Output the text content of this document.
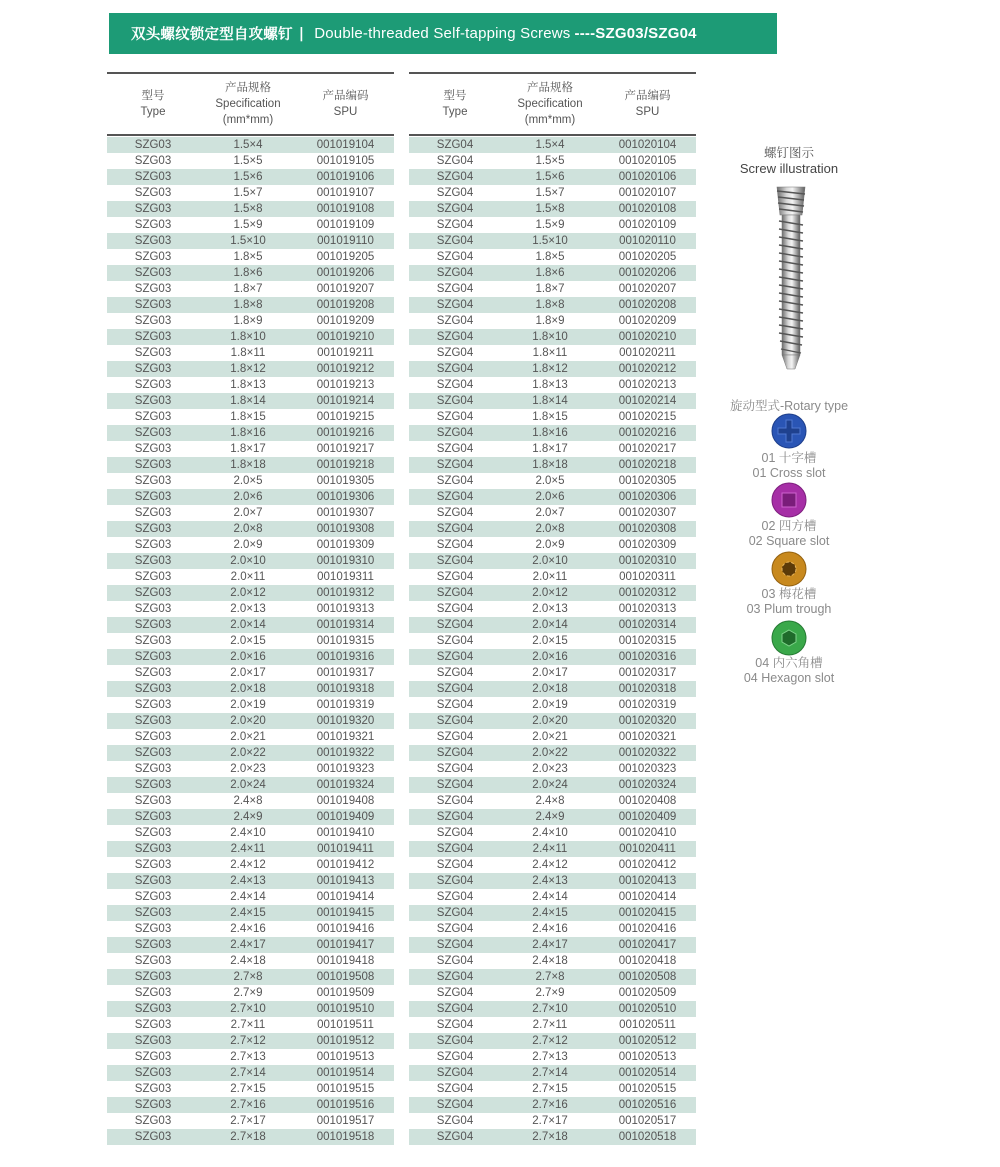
双头螺纹锁定型自攻螺钉 | Double-threaded Self-tapping Screws ----SZG03/SZG04
型号
Type
产品规格
Specification
(mm*mm)
产品编码
SPU
SZG03	1.5×4	001019104
SZG03	1.5×5	001019105
SZG03	1.5×6	001019106
SZG03	1.5×7	001019107
SZG03	1.5×8	001019108
SZG03	1.5×9	001019109
SZG03	1.5×10	001019110
SZG03	1.8×5	001019205
SZG03	1.8×6	001019206
SZG03	1.8×7	001019207
SZG03	1.8×8	001019208
SZG03	1.8×9	001019209
SZG03	1.8×10	001019210
SZG03	1.8×11	001019211
SZG03	1.8×12	001019212
SZG03	1.8×13	001019213
SZG03	1.8×14	001019214
SZG03	1.8×15	001019215
SZG03	1.8×16	001019216
SZG03	1.8×17	001019217
SZG03	1.8×18	001019218
SZG03	2.0×5	001019305
SZG03	2.0×6	001019306
SZG03	2.0×7	001019307
SZG03	2.0×8	001019308
SZG03	2.0×9	001019309
SZG03	2.0×10	001019310
SZG03	2.0×11	001019311
SZG03	2.0×12	001019312
SZG03	2.0×13	001019313
SZG03	2.0×14	001019314
SZG03	2.0×15	001019315
SZG03	2.0×16	001019316
SZG03	2.0×17	001019317
SZG03	2.0×18	001019318
SZG03	2.0×19	001019319
SZG03	2.0×20	001019320
SZG03	2.0×21	001019321
SZG03	2.0×22	001019322
SZG03	2.0×23	001019323
SZG03	2.0×24	001019324
SZG03	2.4×8	001019408
SZG03	2.4×9	001019409
SZG03	2.4×10	001019410
SZG03	2.4×11	001019411
SZG03	2.4×12	001019412
SZG03	2.4×13	001019413
SZG03	2.4×14	001019414
SZG03	2.4×15	001019415
SZG03	2.4×16	001019416
SZG03	2.4×17	001019417
SZG03	2.4×18	001019418
SZG03	2.7×8	001019508
SZG03	2.7×9	001019509
SZG03	2.7×10	001019510
SZG03	2.7×11	001019511
SZG03	2.7×12	001019512
SZG03	2.7×13	001019513
SZG03	2.7×14	001019514
SZG03	2.7×15	001019515
SZG03	2.7×16	001019516
SZG03	2.7×17	001019517
SZG03	2.7×18	001019518
型号
Type
产品规格
Specification
(mm*mm)
产品编码
SPU
SZG04	1.5×4	001020104
SZG04	1.5×5	001020105
SZG04	1.5×6	001020106
SZG04	1.5×7	001020107
SZG04	1.5×8	001020108
SZG04	1.5×9	001020109
SZG04	1.5×10	001020110
SZG04	1.8×5	001020205
SZG04	1.8×6	001020206
SZG04	1.8×7	001020207
SZG04	1.8×8	001020208
SZG04	1.8×9	001020209
SZG04	1.8×10	001020210
SZG04	1.8×11	001020211
SZG04	1.8×12	001020212
SZG04	1.8×13	001020213
SZG04	1.8×14	001020214
SZG04	1.8×15	001020215
SZG04	1.8×16	001020216
SZG04	1.8×17	001020217
SZG04	1.8×18	001020218
SZG04	2.0×5	001020305
SZG04	2.0×6	001020306
SZG04	2.0×7	001020307
SZG04	2.0×8	001020308
SZG04	2.0×9	001020309
SZG04	2.0×10	001020310
SZG04	2.0×11	001020311
SZG04	2.0×12	001020312
SZG04	2.0×13	001020313
SZG04	2.0×14	001020314
SZG04	2.0×15	001020315
SZG04	2.0×16	001020316
SZG04	2.0×17	001020317
SZG04	2.0×18	001020318
SZG04	2.0×19	001020319
SZG04	2.0×20	001020320
SZG04	2.0×21	001020321
SZG04	2.0×22	001020322
SZG04	2.0×23	001020323
SZG04	2.0×24	001020324
SZG04	2.4×8	001020408
SZG04	2.4×9	001020409
SZG04	2.4×10	001020410
SZG04	2.4×11	001020411
SZG04	2.4×12	001020412
SZG04	2.4×13	001020413
SZG04	2.4×14	001020414
SZG04	2.4×15	001020415
SZG04	2.4×16	001020416
SZG04	2.4×17	001020417
SZG04	2.4×18	001020418
SZG04	2.7×8	001020508
SZG04	2.7×9	001020509
SZG04	2.7×10	001020510
SZG04	2.7×11	001020511
SZG04	2.7×12	001020512
SZG04	2.7×13	001020513
SZG04	2.7×14	001020514
SZG04	2.7×15	001020515
SZG04	2.7×16	001020516
SZG04	2.7×17	001020517
SZG04	2.7×18	001020518
螺钉图示
Screw illustration
旋动型式-Rotary type
01 十字槽
01 Cross slot
02 四方槽
02 Square slot
03 梅花槽
03 Plum trough
04 内六角槽
04 Hexagon slot
